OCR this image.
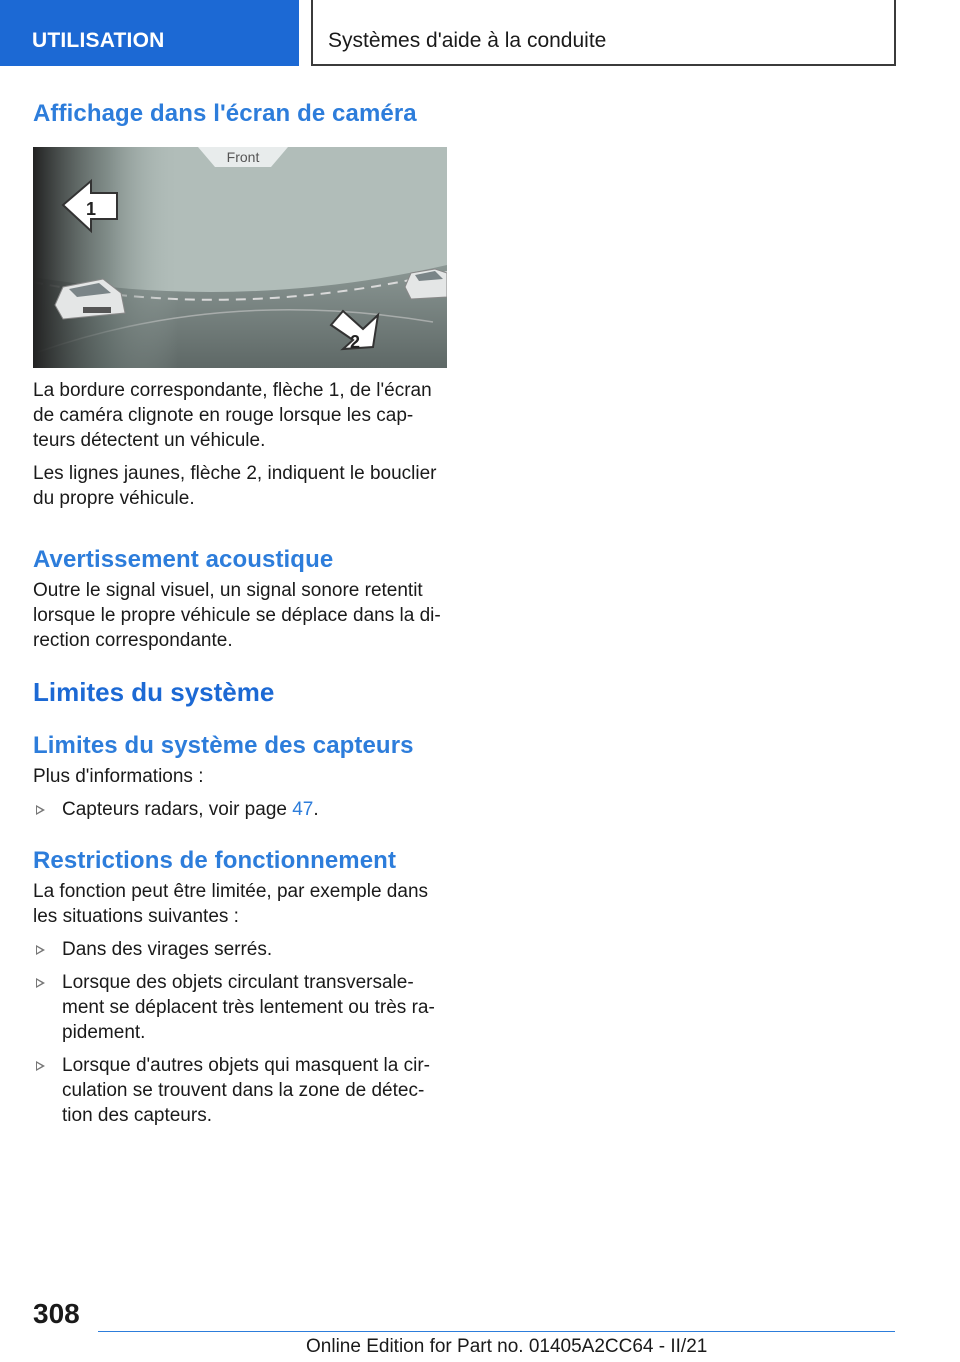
UTILISATION	Systèmes d'aide à la conduite
Affichage dans l'écran de caméra
Front
1
2

La bordure correspondante, flèche 1, de l'écran de caméra clignote en rouge lorsque les cap-teurs détectent un véhicule.

Les lignes jaunes, flèche 2, indiquent le bouclier du propre véhicule.

Avertissement acoustique

Outre le signal visuel, un signal sonore retentit lorsque le propre véhicule se déplace dans la di-rection correspondante.

Limites du système
Limites du système des capteurs

Plus d'informations :

Capteurs radars, voir page 47.
Restrictions de fonctionnement

La fonction peut être limitée, par exemple dans les situations suivantes :

Dans des virages serrés.
Lorsque des objets circulant transversale-ment se déplacent très lentement ou très ra-pidement.
Lorsque d'autres objets qui masquent la cir-culation se trouvent dans la zone de détec-tion des capteurs.
308
Online Edition for Part no. 01405A2CC64 - II/21
